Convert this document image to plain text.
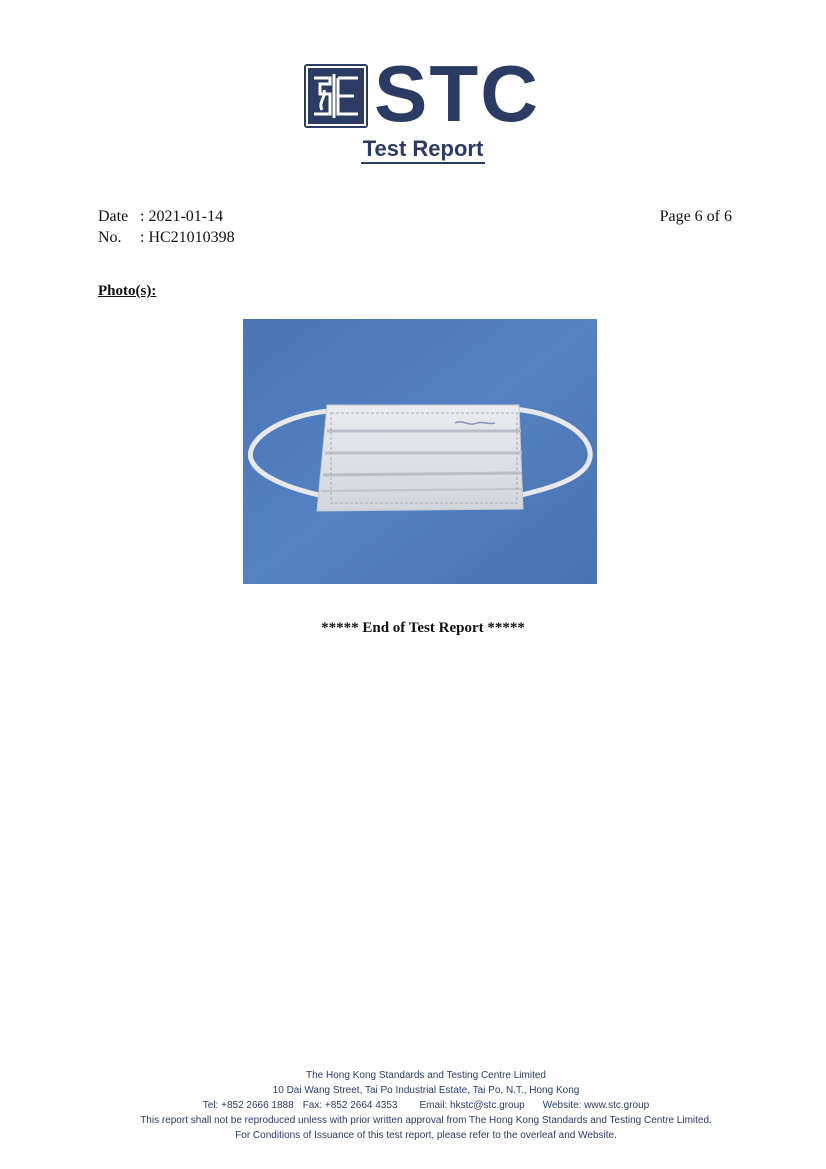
STC
Test Report
Date : 2021-01-14
No. : HC21010398
Page 6 of 6
Photo(s):
***** End of Test Report *****
The Hong Kong Standards and Testing Centre Limited
10 Dai Wang Street, Tai Po Industrial Estate, Tai Po, N.T., Hong Kong
Tel: +852 2666 1888 Fax: +852 2664 4353 Email: hkstc@stc.group Website: www.stc.group
This report shall not be reproduced unless with prior written approval from The Hong Kong Standards and Testing Centre Limited.
For Conditions of Issuance of this test report, please refer to the overleaf and Website.
